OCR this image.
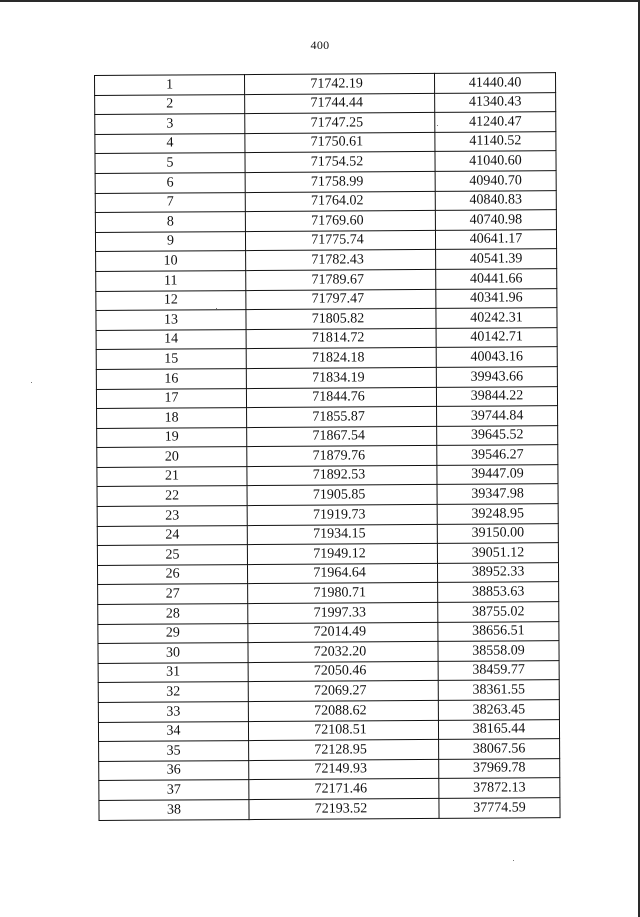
400
1	71742.19	41440.40
2	71744.44	41340.43
3	71747.25	41240.47
4	71750.61	41140.52
5	71754.52	41040.60
6	71758.99	40940.70
7	71764.02	40840.83
8	71769.60	40740.98
9	71775.74	40641.17
10	71782.43	40541.39
11	71789.67	40441.66
12	71797.47	40341.96
13	71805.82	40242.31
14	71814.72	40142.71
15	71824.18	40043.16
16	71834.19	39943.66
17	71844.76	39844.22
18	71855.87	39744.84
19	71867.54	39645.52
20	71879.76	39546.27
21	71892.53	39447.09
22	71905.85	39347.98
23	71919.73	39248.95
24	71934.15	39150.00
25	71949.12	39051.12
26	71964.64	38952.33
27	71980.71	38853.63
28	71997.33	38755.02
29	72014.49	38656.51
30	72032.20	38558.09
31	72050.46	38459.77
32	72069.27	38361.55
33	72088.62	38263.45
34	72108.51	38165.44
35	72128.95	38067.56
36	72149.93	37969.78
37	72171.46	37872.13
38	72193.52	37774.59
